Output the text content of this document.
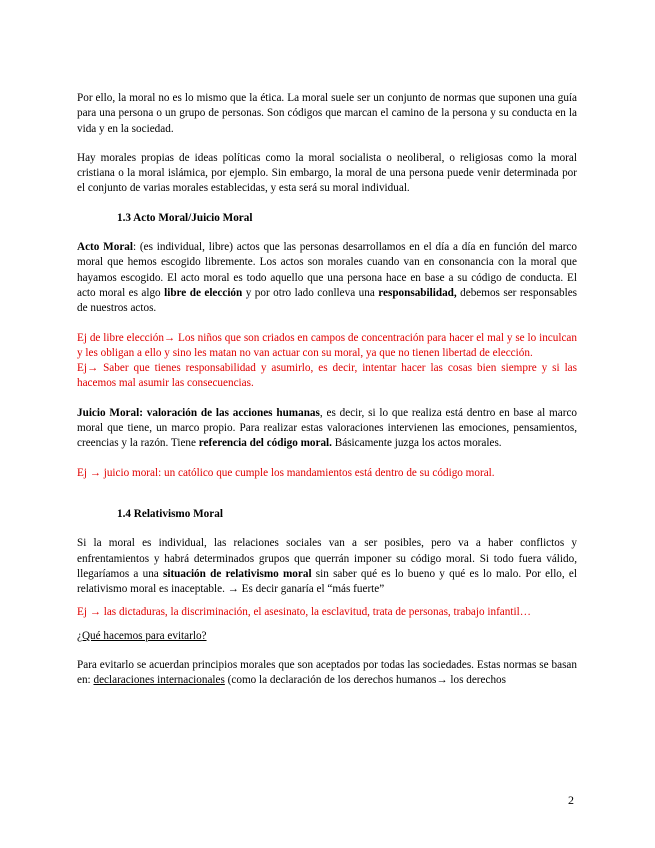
Por ello, la moral no es lo mismo que la ética. La moral suele ser un conjunto de normas que suponen una guía para una persona o un grupo de personas. Son códigos que marcan el camino de la persona y su conducta en la vida y en la sociedad.

Hay morales propias de ideas políticas como la moral socialista o neoliberal, o religiosas como la moral cristiana o la moral islámica, por ejemplo. Sin embargo, la moral de una persona puede venir determinada por el conjunto de varias morales establecidas, y esta será su moral individual.

1.3 Acto Moral/Juicio Moral

Acto Moral: (es individual, libre) actos que las personas desarrollamos en el día a día en función del marco moral que hemos escogido libremente. Los actos son morales cuando van en consonancia con la moral que hayamos escogido. El acto moral es todo aquello que una persona hace en base a su código de conducta. El acto moral es algo libre de elección y por otro lado conlleva una responsabilidad, debemos ser responsables de nuestros actos.

Ej de libre elección→ Los niños que son criados en campos de concentración para hacer el mal y se lo inculcan y les obligan a ello y sino les matan no van actuar con su moral, ya que no tienen libertad de elección.

Ej→ Saber que tienes responsabilidad y asumirlo, es decir, intentar hacer las cosas bien siempre y si las hacemos mal asumir las consecuencias.

Juicio Moral: valoración de las acciones humanas, es decir, si lo que realiza está dentro en base al marco moral que tiene, un marco propio. Para realizar estas valoraciones intervienen las emociones, pensamientos, creencias y la razón. Tiene referencia del código moral. Básicamente juzga los actos morales.

Ej → juicio moral: un católico que cumple los mandamientos está dentro de su código moral.

1.4 Relativismo Moral

Si la moral es individual, las relaciones sociales van a ser posibles, pero va a haber conflictos y enfrentamientos y habrá determinados grupos que querrán imponer su código moral. Si todo fuera válido, llegaríamos a una situación de relativismo moral sin saber qué es lo bueno y qué es lo malo. Por ello, el relativismo moral es inaceptable. → Es decir ganaría el “más fuerte”

Ej → las dictaduras, la discriminación, el asesinato, la esclavitud, trata de personas, trabajo infantil…

¿Qué hacemos para evitarlo?

Para evitarlo se acuerdan principios morales que son aceptados por todas las sociedades. Estas normas se basan en: declaraciones internacionales (como la declaración de los derechos humanos→ los derechos

2
